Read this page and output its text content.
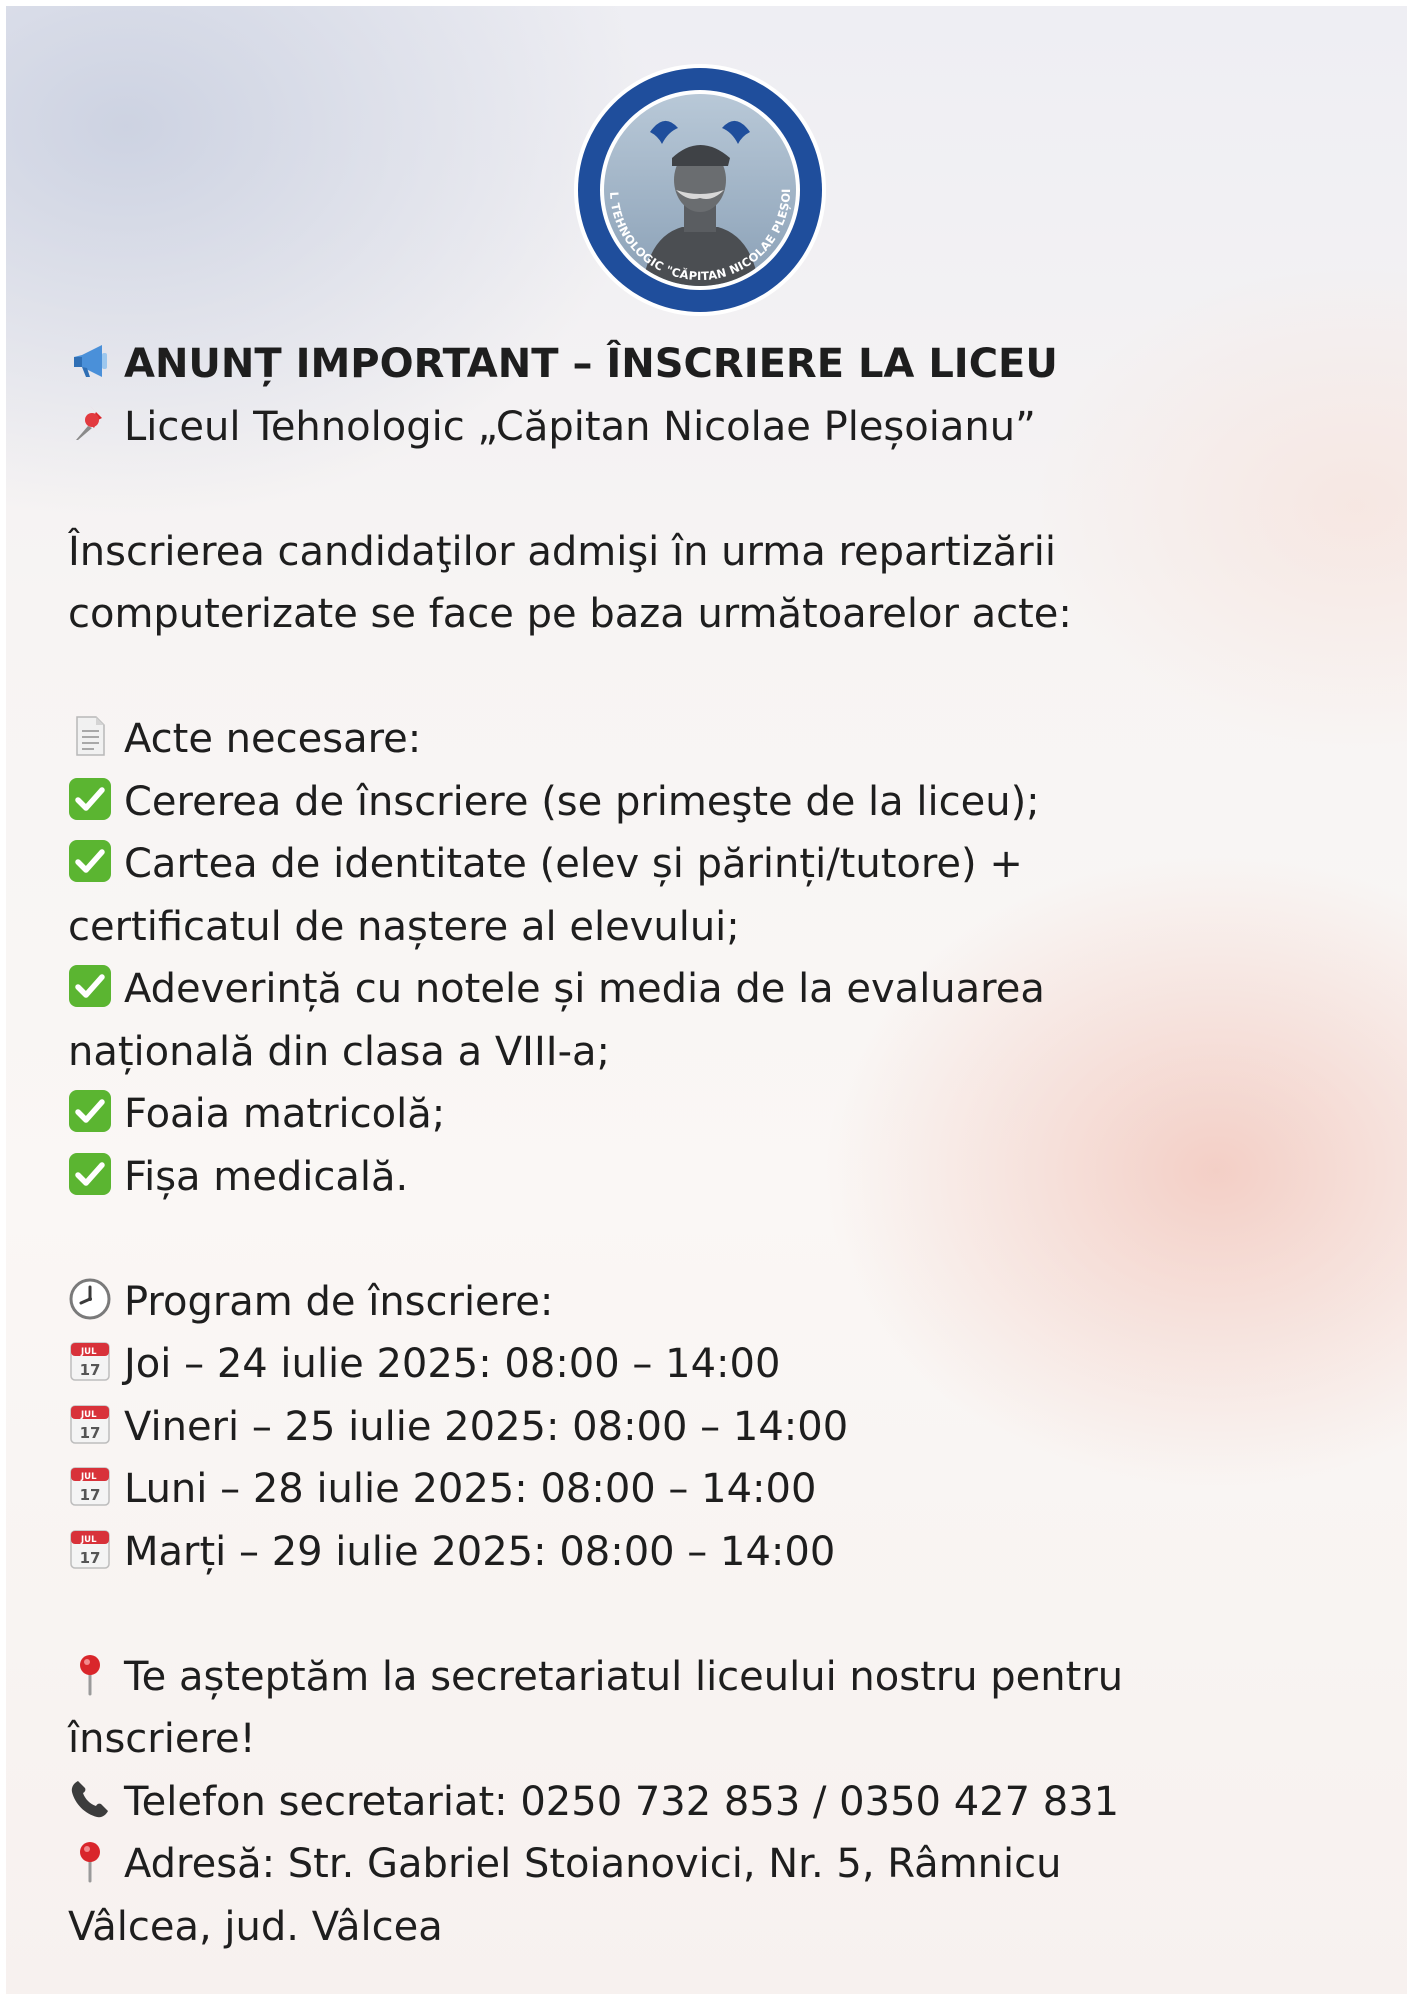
L TEHNOLOGIC "CĂPITAN NICOLAE PLEȘOI
ANUNȚ IMPORTANT – ÎNSCRIERE LA LICEU
Liceul Tehnologic „Căpitan Nicolae Pleșoianu”
Înscrierea candidaţilor admişi în urma repartizării
computerizate se face pe baza următoarelor acte:
Acte necesare:
Cererea de înscriere (se primeşte de la liceu);
Cartea de identitate (elev și părinți/tutore) +
certificatul de naștere al elevului;
Adeverință cu notele și media de la evaluarea
națională din clasa a VIII-a;
Foaia matricolă;
Fișa medicală.
Program de înscriere:
JUL
17 Joi – 24 iulie 2025: 08:00 – 14:00
JUL
17 Vineri – 25 iulie 2025: 08:00 – 14:00
JUL
17 Luni – 28 iulie 2025: 08:00 – 14:00
JUL
17 Marți – 29 iulie 2025: 08:00 – 14:00
Te așteptăm la secretariatul liceului nostru pentru
înscriere!
Telefon secretariat: 0250 732 853 / 0350 427 831
Adresă: Str. Gabriel Stoianovici, Nr. 5, Râmnicu
Vâlcea, jud. Vâlcea
